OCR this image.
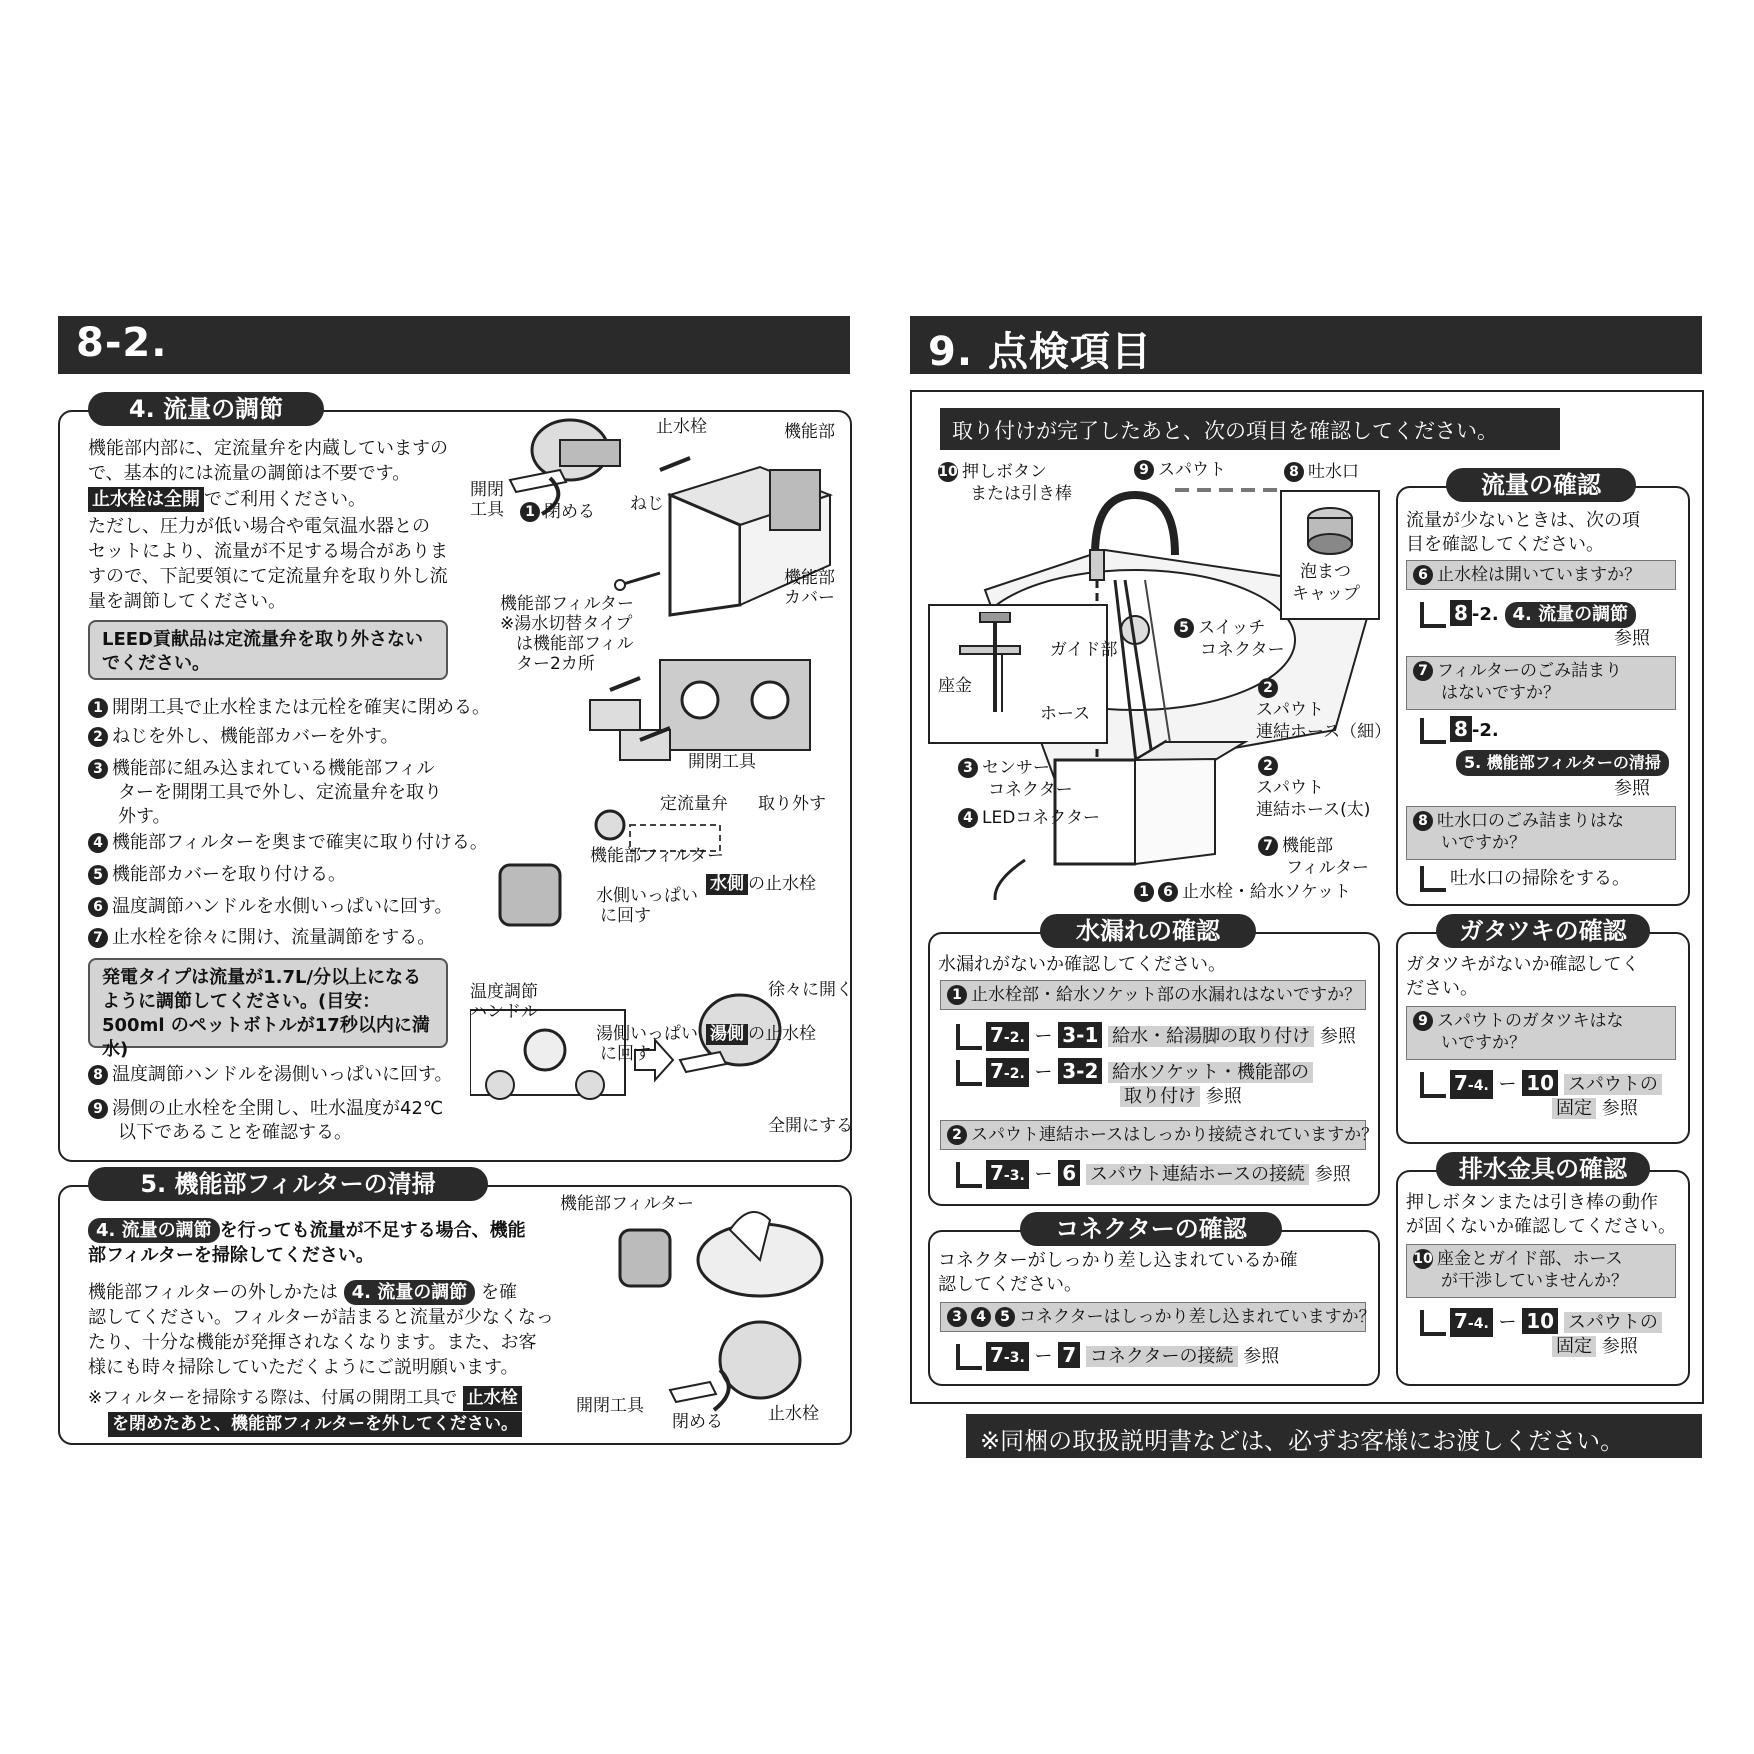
8-2.
4. 流量の調節
機能部内部に、定流量弁を内蔵していますの
で、基本的には流量の調節は不要です。
止水栓は全開 でご利用ください。
ただし、圧力が低い場合や電気温水器との
セットにより、流量が不足する場合がありま
すので、下記要領にて定流量弁を取り外し流
量を調節してください。
LEED貢献品は定流量弁を取り外さない でください。
1 開閉工具で止水栓または元栓を確実に閉める。
2 ねじを外し、機能部カバーを外す。
3 機能部に組み込まれている機能部フィル
ターを開閉工具で外し、定流量弁を取り
外す。
4 機能部フィルターを奥まで確実に取り付ける。
5 機能部カバーを取り付ける。
6 温度調節ハンドルを水側いっぱいに回す。
7 止水栓を徐々に開け、流量調節をする。
発電タイプは流量が1.7L/分以上になる ように調節してください。(目安：500ml のペットボトルが17秒以内に満水)
8 温度調節ハンドルを湯側いっぱいに回す。
9 湯側の止水栓を全開し、吐水温度が42℃
以下であることを確認する。
止水栓	機能部
開閉
工具	1 閉める ねじ
機能部
カバー
機能部フィルター
※湯水切替タイプ
は機能部フィル
ター2カ所
開閉工具
定流量弁 取り外す
機能部フィルター
水側いっぱい
に回す
水側 の止水栓
徐々に開く
温度調節
ハンドル
湯側いっぱい
に回す
湯側 の止水栓
全開にする
5. 機能部フィルターの清掃
4. 流量の調節 を行っても流量が不足する場合、機能
部フィルターを掃除してください。
機能部フィルターの外しかたは 4. 流量の調節 を確
認してください。フィルターが詰まると流量が少なくなっ
たり、十分な機能が発揮されなくなります。また、お客
様にも時々掃除していただくようにご説明願います。
※フィルターを掃除する際は、付属の開閉工具で 止水栓
を閉めたあと、機能部フィルターを外してください。
機能部フィルター
開閉工具
閉める	止水栓
9. 点検項目
取り付けが完了したあと、次の項目を確認してください。
泡まつ
キャップ
10 押しボタン
または引き棒
9 スパウト	8 吐水口
ガイド部
座金
ホース
5 スイッチ
コネクター
2
スパウト
連結ホース（細）
3 センサー
コネクター
2
スパウト
連結ホース(太)
4 LEDコネクター
7 機能部
フィルター
1 6 止水栓・給水ソケット
流量の確認
流量が少ないときは、次の項
目を確認してください。
6 止水栓は開いていますか？
8 -2. 4. 流量の調節
参照
7 フィルターのごみ詰まり
はないですか？
8 -2.
5. 機能部フィルターの清掃
参照
8 吐水口のごみ詰まりはな
いですか？
吐水口の掃除をする。
水漏れの確認
水漏れがないか確認してください。
1 止水栓部・給水ソケット部の水漏れはないですか？
7-2. ー 3-1 給水・給湯脚の取り付け 参照
7-2. ー 3-2 給水ソケット・機能部の
取り付け 参照
2 スパウト連結ホースはしっかり接続されていますか？
7-3. ー 6 スパウト連結ホースの接続 参照
ガタツキの確認
ガタツキがないか確認してく
ださい。
9 スパウトのガタツキはな
いですか？
7-4. ー 10 スパウトの
固定 参照
コネクターの確認
コネクターがしっかり差し込まれているか確
認してください。
3 4 5 コネクターはしっかり差し込まれていますか？
7-3. ー 7 コネクターの接続 参照
排水金具の確認
押しボタンまたは引き棒の動作
が固くないか確認してください。
10 座金とガイド部、ホース
が干渉していませんか？
7-4. ー 10 スパウトの
固定 参照
※同梱の取扱説明書などは、必ずお客様にお渡しください。
